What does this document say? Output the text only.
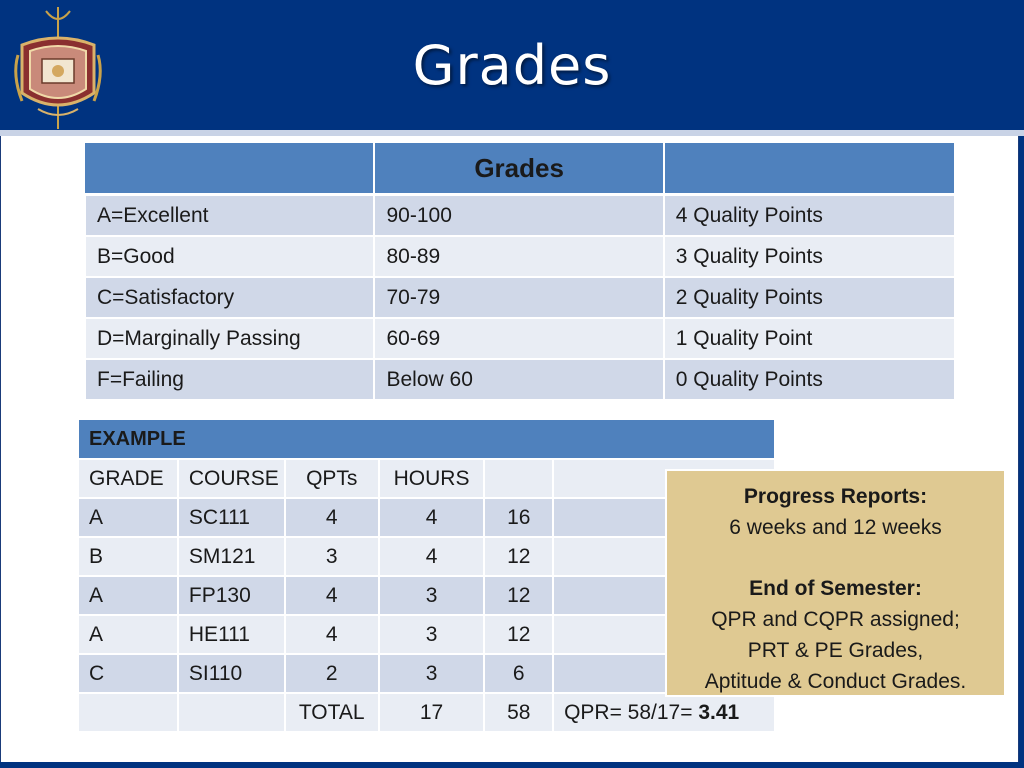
Grades
	Grades	
A=Excellent	90-100	4 Quality Points
B=Good	80-89	3 Quality Points
C=Satisfactory	70-79	2 Quality Points
D=Marginally Passing	60-69	1 Quality Point
F=Failing	Below 60	0 Quality Points
EXAMPLE					
GRADE	COURSE	QPTs	HOURS		
A	SC111	4	4	16	
B	SM121	3	4	12	
A	FP130	4	3	12	
A	HE111	4	3	12	
C	SI110	2	3	6	
		TOTAL	17	58	QPR= 58/17= 3.41
Progress Reports:
6 weeks and 12 weeks
End of Semester:
QPR and CQPR assigned;
PRT & PE Grades,
Aptitude & Conduct Grades.
